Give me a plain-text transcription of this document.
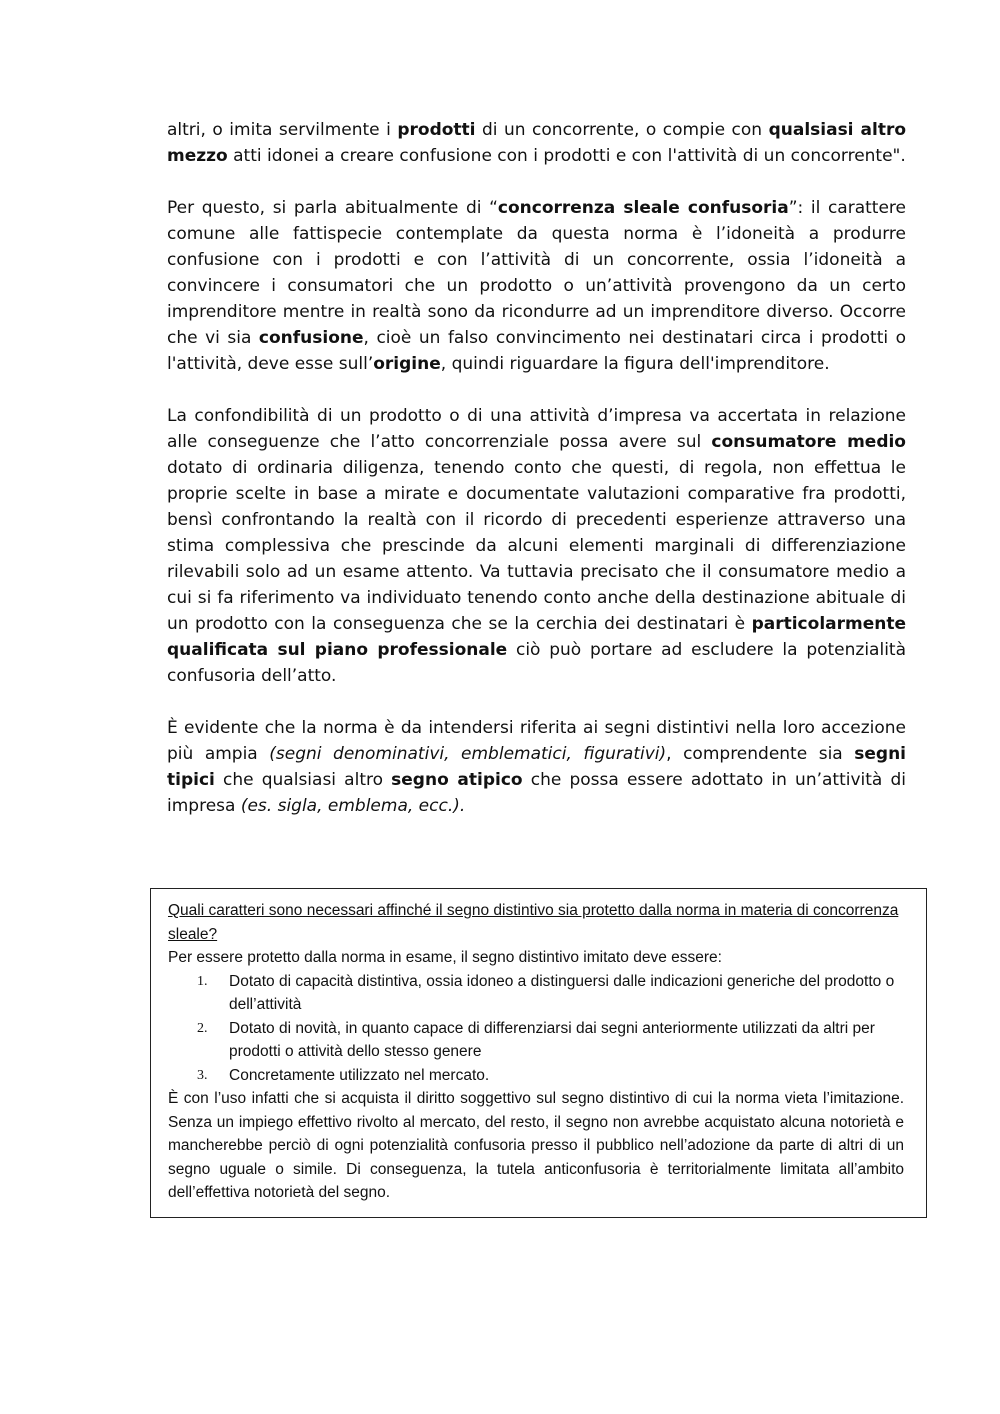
altri, o imita servilmente i prodotti di un concorrente, o compie con qualsiasi altro mezzo atti idonei a creare confusione con i prodotti e con l'attività di un concorrente".

Per questo, si parla abitualmente di “concorrenza sleale confusoria”: il carattere comune alle fattispecie contemplate da questa norma è l’idoneità a produrre confusione con i prodotti e con l’attività di un concorrente, ossia l’idoneità a convincere i consumatori che un prodotto o un’attività provengono da un certo imprenditore mentre in realtà sono da ricondurre ad un imprenditore diverso. Occorre che vi sia confusione, cioè un falso convincimento nei destinatari circa i prodotti o l'attività, deve esse sull’origine, quindi riguardare la figura dell'imprenditore.

La confondibilità di un prodotto o di una attività d’impresa va accertata in relazione alle conseguenze che l’atto concorrenziale possa avere sul consumatore medio dotato di ordinaria diligenza, tenendo conto che questi, di regola, non effettua le proprie scelte in base a mirate e documentate valutazioni comparative fra prodotti, bensì confrontando la realtà con il ricordo di precedenti esperienze attraverso una stima complessiva che prescinde da alcuni elementi marginali di differenziazione rilevabili solo ad un esame attento. Va tuttavia precisato che il consumatore medio a cui si fa riferimento va individuato tenendo conto anche della destinazione abituale di un prodotto con la conseguenza che se la cerchia dei destinatari è particolarmente qualificata sul piano professionale ciò può portare ad escludere la potenzialità confusoria dell’atto.

È evidente che la norma è da intendersi riferita ai segni distintivi nella loro accezione più ampia (segni denominativi, emblematici, figurativi), comprendente sia segni tipici che qualsiasi altro segno atipico che possa essere adottato in un’attività di impresa (es. sigla, emblema, ecc.).

Quali caratteri sono necessari affinché il segno distintivo sia protetto dalla norma in materia di concorrenza sleale?

Per essere protetto dalla norma in esame, il segno distintivo imitato deve essere:

1. Dotato di capacità distintiva, ossia idoneo a distinguersi dalle indicazioni generiche del prodotto o dell’attività
2. Dotato di novità, in quanto capace di differenziarsi dai segni anteriormente utilizzati da altri per prodotti o attività dello stesso genere
3. Concretamente utilizzato nel mercato.

È con l’uso infatti che si acquista il diritto soggettivo sul segno distintivo di cui la norma vieta l’imitazione. Senza un impiego effettivo rivolto al mercato, del resto, il segno non avrebbe acquistato alcuna notorietà e mancherebbe perciò di ogni potenzialità confusoria presso il pubblico nell’adozione da parte di altri di un segno uguale o simile. Di conseguenza, la tutela anticonfusoria è territorialmente limitata all’ambito dell’effettiva notorietà del segno.
